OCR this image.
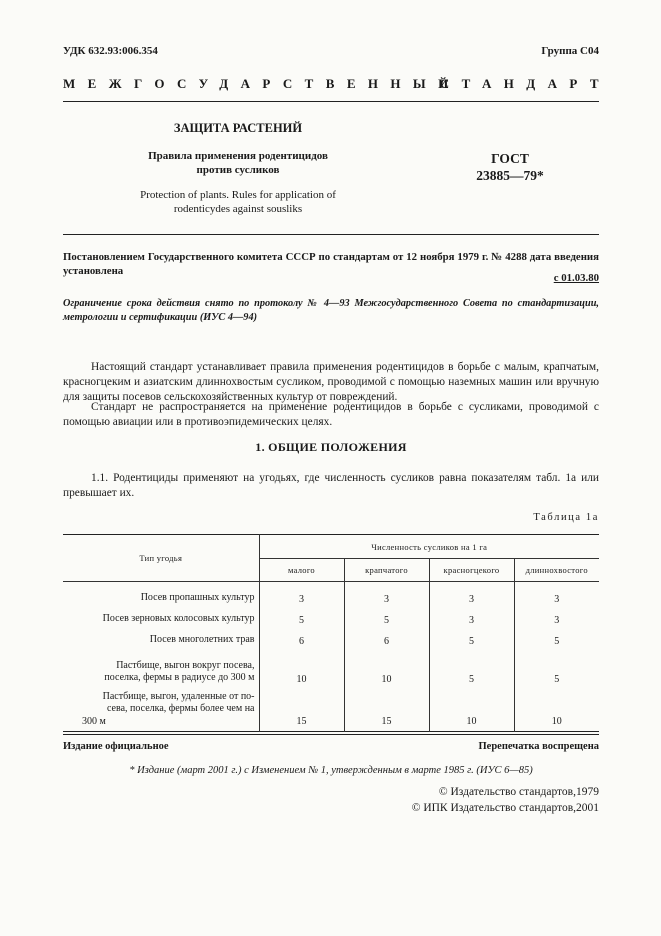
УДК 632.93:006.354	Группа С04
МЕЖГОСУДАРСТВЕННЫЙ
СТАНДАРТ
ЗАЩИТА РАСТЕНИЙ
Правила применения родентицидов
против сусликов
Protection of plants. Rules for application of
rodenticydes against sousliks
ГОСТ
23885—79*
Постановлением Государственного комитета СССР по стандартам от 12 ноября 1979 г. № 4288 дата введения установлена
с 01.03.80
Ограничение срока действия снято по протоколу № 4—93 Межгосударственного Совета по стандартизации, метрологии и сертификации (ИУС 4—94)
Настоящий стандарт устанавливает правила применения родентицидов в борьбе с малым, крапчатым, красногцеким и азиатским длиннохвостым сусликом, проводимой с помощью наземных машин или вручную для защиты посевов сельскохозяйственных культур от повреждений.
Стандарт не распространяется на применение родентицидов в борьбе с сусликами, проводимой с помощью авиации или в противоэпидемических целях.
1. ОБЩИЕ ПОЛОЖЕНИЯ
1.1. Родентициды применяют на угодьях, где численность сусликов равна показателям табл. 1а или превышает их.
Таблица 1а
Тип угодья	Численность сусликов на 1 га			
	малого	крапчатого	красногцекого	длиннохвостого
Посев пропашных культур	3	3	3	3
Посев зерновых колосовых культур	5	5	3	3
Посев многолетних трав	6	6	5	5

Пастбище, выгон вокруг посева,
поселка, фермы в радиусе до 300 м	10	10	5	5

Пастбище, выгон, удаленные от по-
сева, поселка, фермы более чем на
300 м	15	15	10	10
Издание официальное	Перепечатка воспрещена
* Издание (март 2001 г.) с Изменением № 1, утвержденным в марте 1985 г. (ИУС 6—85)
© Издательство стандартов,1979
© ИПК Издательство стандартов,2001
